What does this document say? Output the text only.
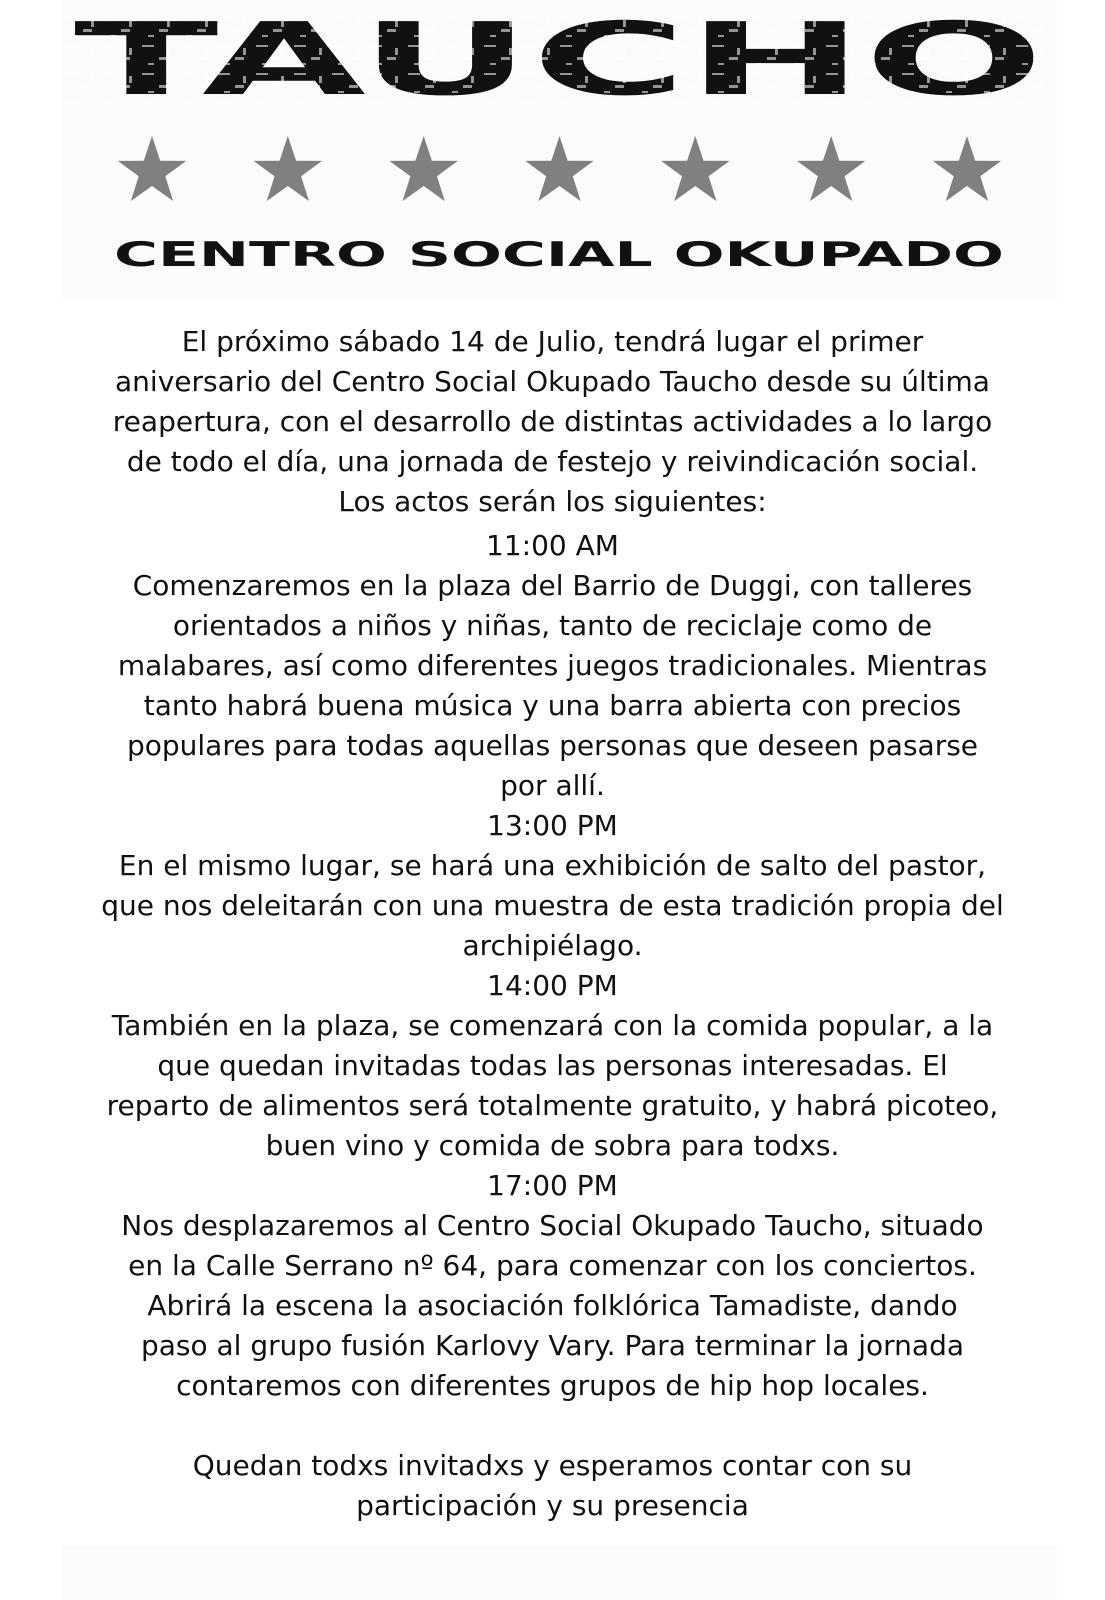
CENTRO SOCIAL OKUPADO

El próximo sábado 14 de Julio, tendrá lugar el primer
aniversario del Centro Social Okupado Taucho desde su última
reapertura, con el desarrollo de distintas actividades a lo largo
de todo el día, una jornada de festejo y reivindicación social.
Los actos serán los siguientes:

11:00 AM

Comenzaremos en la plaza del Barrio de Duggi, con talleres
orientados a niños y niñas, tanto de reciclaje como de
malabares, así como diferentes juegos tradicionales. Mientras
tanto habrá buena música y una barra abierta con precios
populares para todas aquellas personas que deseen pasarse
por allí.

13:00 PM

En el mismo lugar, se hará una exhibición de salto del pastor,
que nos deleitarán con una muestra de esta tradición propia del
archipiélago.

14:00 PM

También en la plaza, se comenzará con la comida popular, a la
que quedan invitadas todas las personas interesadas. El
reparto de alimentos será totalmente gratuito, y habrá picoteo,
buen vino y comida de sobra para todxs.

17:00 PM

Nos desplazaremos al Centro Social Okupado Taucho, situado
en la Calle Serrano nº 64, para comenzar con los conciertos.
Abrirá la escena la asociación folklórica Tamadiste, dando
paso al grupo fusión Karlovy Vary. Para terminar la jornada
contaremos con diferentes grupos de hip hop locales.

Quedan todxs invitadxs y esperamos contar con su
participación y su presencia
